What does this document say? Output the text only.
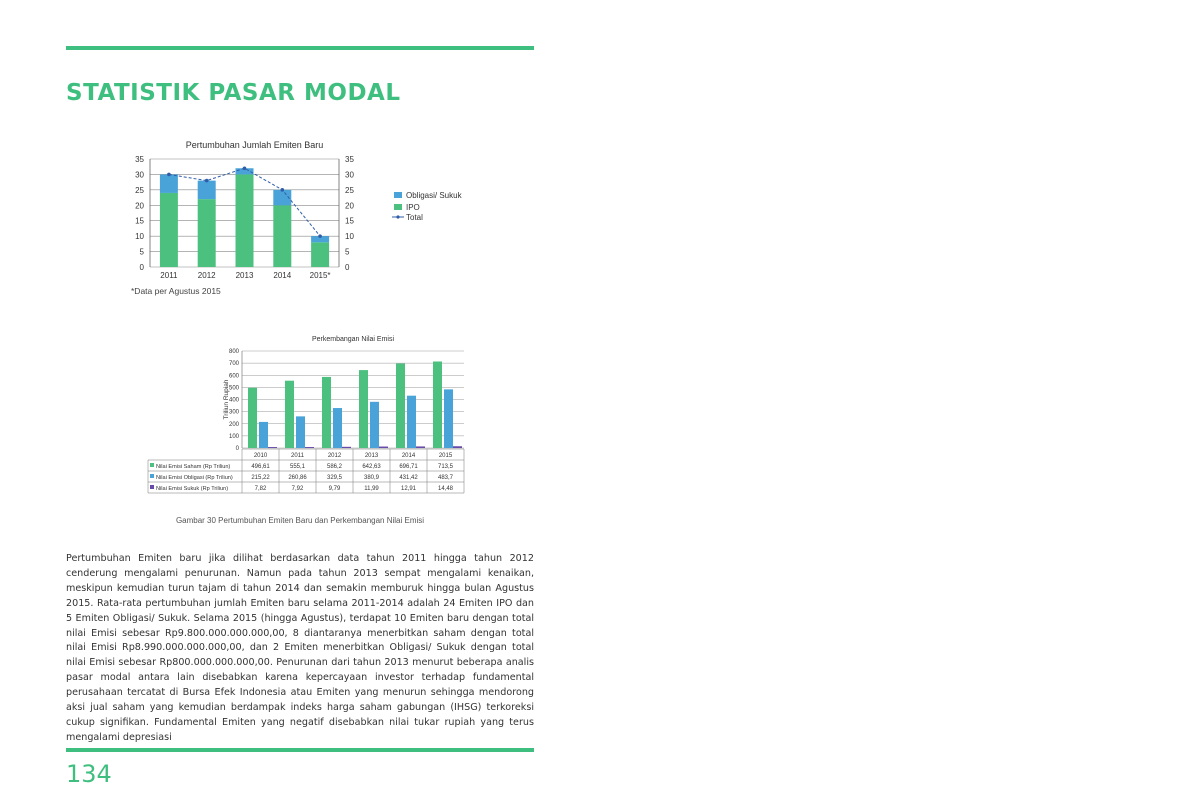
STATISTIK PASAR MODAL
Pertumbuhan Jumlah Emiten Baru
0	0
5	5
10	10
15	15
20	20
25	25
30	30
35	35
2011	2012	2013	2014 2015*
Obligasi/ Sukuk
IPO
Total
*Data per Agustus 2015
Perkembangan Nilai Emisi
Triliun Rupiah
0
100
200
300
400
500
600
700
800
2010	2011	2012	2013	2014	2015
Nilai Emisi Saham (Rp Triliun)	496,61	555,1	586,2	642,63	696,71	713,5
Nilai Emisi Obligasi (Rp Triliun)	215,22	260,86	329,5	380,9	431,42	483,7
Nilai Emisi Sukuk (Rp Triliun)	7,82	7,92	9,79	11,99	12,91	14,48
Gambar 30 Pertumbuhan Emiten Baru dan Perkembangan Nilai Emisi

Pertumbuhan Emiten baru jika dilihat berdasarkan data tahun 2011 hingga tahun 2012 cenderung mengalami penurunan. Namun pada tahun 2013 sempat mengalami kenaikan, meskipun kemudian turun tajam di tahun 2014 dan semakin memburuk hingga bulan Agustus 2015. Rata-rata pertumbuhan jumlah Emiten baru selama 2011-2014 adalah 24 Emiten IPO dan 5 Emiten Obligasi/ Sukuk. Selama 2015 (hingga Agustus), terdapat 10 Emiten baru dengan total nilai Emisi sebesar Rp9.800.000.000.000,00, 8 diantaranya menerbitkan saham dengan total nilai Emisi Rp8.990.000.000.000,00, dan 2 Emiten menerbitkan Obligasi/ Sukuk dengan total nilai Emisi sebesar Rp800.000.000.000,00. Penurunan dari tahun 2013 menurut beberapa analis pasar modal antara lain disebabkan karena kepercayaan investor terhadap fundamental perusahaan tercatat di Bursa Efek Indonesia atau Emiten yang menurun sehingga mendorong aksi jual saham yang kemudian berdampak indeks harga saham gabungan (IHSG) terkoreksi cukup signifikan. Fundamental Emiten yang negatif disebabkan nilai tukar rupiah yang terus mengalami depresiasi

134
